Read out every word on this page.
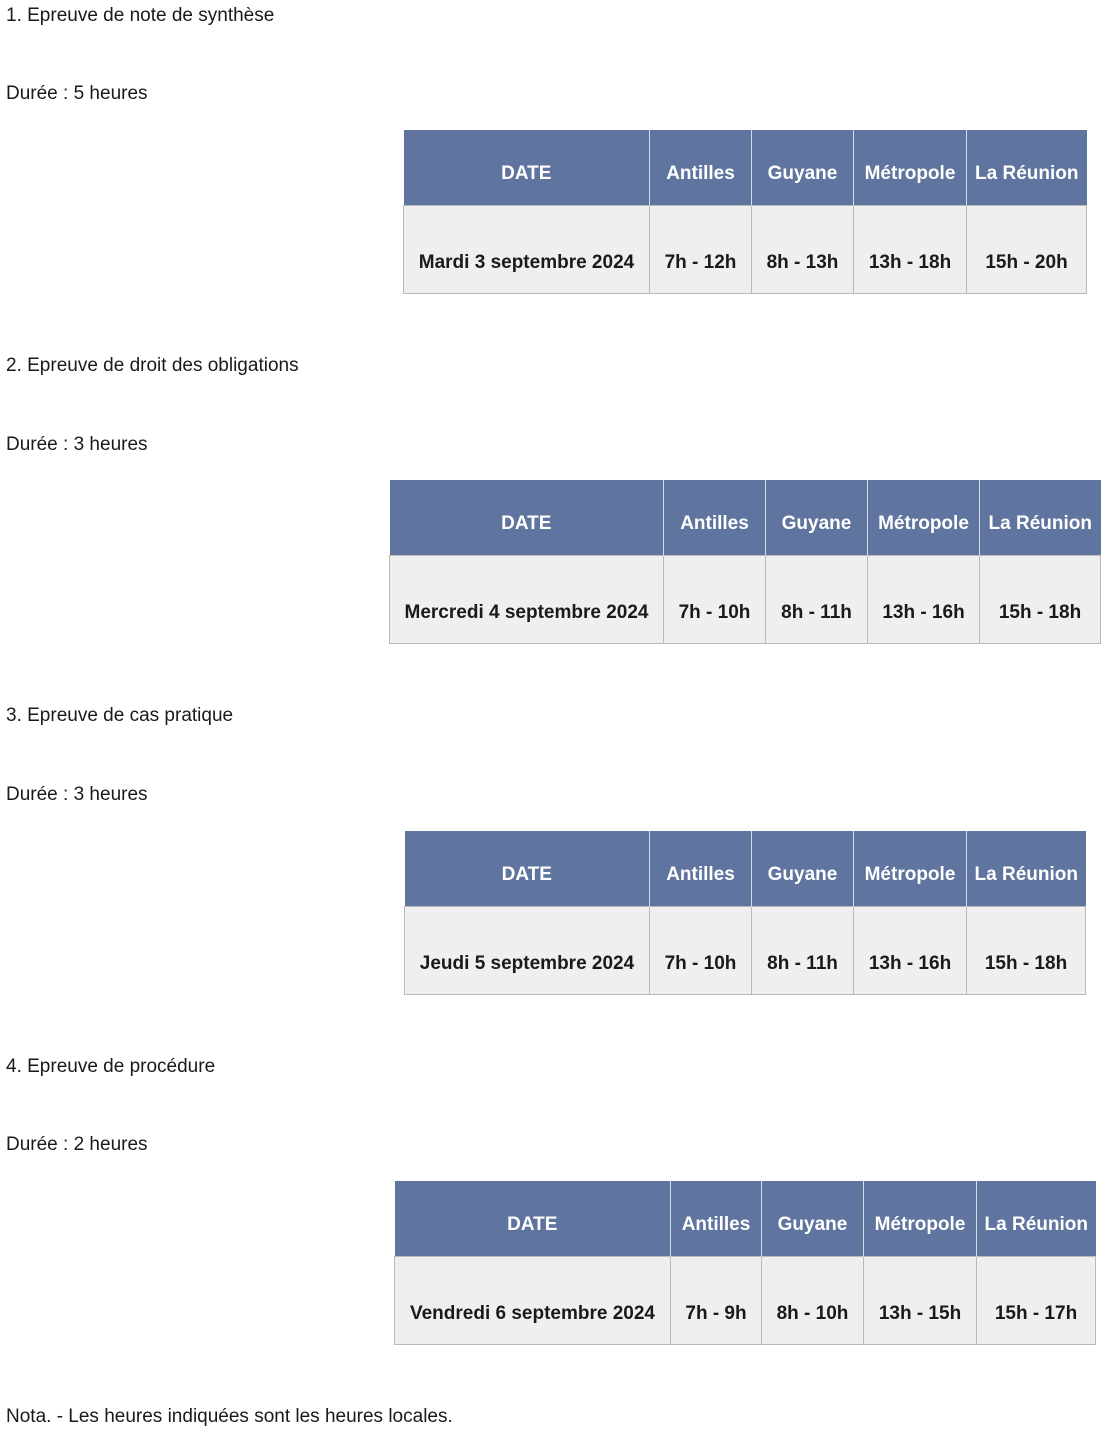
1. Epreuve de note de synthèse
Durée : 5 heures
DATE	Antilles	Guyane	Métropole	La Réunion
Mardi 3 septembre 2024	7h - 12h	8h - 13h	13h - 18h	15h - 20h
2. Epreuve de droit des obligations
Durée : 3 heures
DATE	Antilles	Guyane	Métropole	La Réunion
Mercredi 4 septembre 2024	7h - 10h	8h - 11h	13h - 16h	15h - 18h
3. Epreuve de cas pratique
Durée : 3 heures
DATE	Antilles	Guyane	Métropole	La Réunion
Jeudi 5 septembre 2024	7h - 10h	8h - 11h	13h - 16h	15h - 18h
4. Epreuve de procédure
Durée : 2 heures
DATE	Antilles	Guyane	Métropole	La Réunion
Vendredi 6 septembre 2024	7h - 9h	8h - 10h	13h - 15h	15h - 17h
Nota. - Les heures indiquées sont les heures locales.
